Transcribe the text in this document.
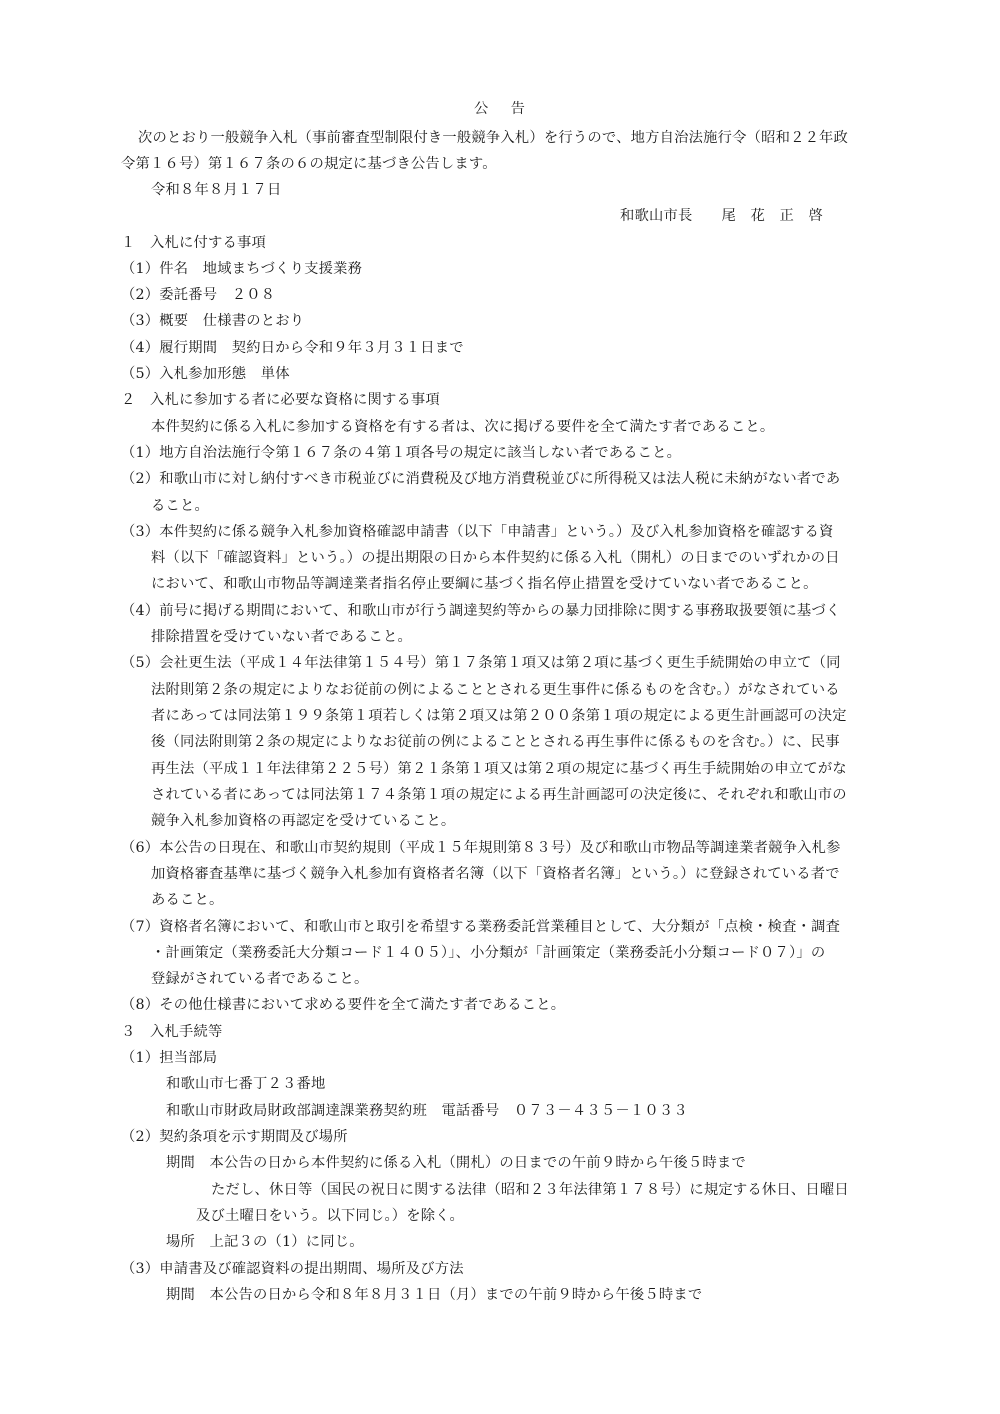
公　告
次のとおり一般競争入札（事前審査型制限付き一般競争入札）を行うので、地方自治法施行令（昭和２２年政
令第１６号）第１６７条の６の規定に基づき公告します。
令和８年８月１７日
和歌山市長　　尾　花　正　啓
１　入札に付する事項
（1）件名　地域まちづくり支援業務
（2）委託番号　２０８
（3）概要　仕様書のとおり
（4）履行期間　契約日から令和９年３月３１日まで
（5）入札参加形態　単体
２　入札に参加する者に必要な資格に関する事項
本件契約に係る入札に参加する資格を有する者は、次に掲げる要件を全て満たす者であること。
（1）地方自治法施行令第１６７条の４第１項各号の規定に該当しない者であること。
（2）和歌山市に対し納付すべき市税並びに消費税及び地方消費税並びに所得税又は法人税に未納がない者であ
ること。
（3）本件契約に係る競争入札参加資格確認申請書（以下「申請書」という。）及び入札参加資格を確認する資
料（以下「確認資料」という。）の提出期限の日から本件契約に係る入札（開札）の日までのいずれかの日
において、和歌山市物品等調達業者指名停止要綱に基づく指名停止措置を受けていない者であること。
（4）前号に掲げる期間において、和歌山市が行う調達契約等からの暴力団排除に関する事務取扱要領に基づく
排除措置を受けていない者であること。
（5）会社更生法（平成１４年法律第１５４号）第１７条第１項又は第２項に基づく更生手続開始の申立て（同
法附則第２条の規定によりなお従前の例によることとされる更生事件に係るものを含む。）がなされている
者にあっては同法第１９９条第１項若しくは第２項又は第２００条第１項の規定による更生計画認可の決定
後（同法附則第２条の規定によりなお従前の例によることとされる再生事件に係るものを含む。）に、民事
再生法（平成１１年法律第２２５号）第２１条第１項又は第２項の規定に基づく再生手続開始の申立てがな
されている者にあっては同法第１７４条第１項の規定による再生計画認可の決定後に、それぞれ和歌山市の
競争入札参加資格の再認定を受けていること。
（6）本公告の日現在、和歌山市契約規則（平成１５年規則第８３号）及び和歌山市物品等調達業者競争入札参
加資格審査基準に基づく競争入札参加有資格者名簿（以下「資格者名簿」という。）に登録されている者で
あること。
（7）資格者名簿において、和歌山市と取引を希望する業務委託営業種目として、大分類が「点検・検査・調査
・計画策定（業務委託大分類コード１４０５）」、小分類が「計画策定（業務委託小分類コード０７）」の
登録がされている者であること。
（8）その他仕様書において求める要件を全て満たす者であること。
３　入札手続等
（1）担当部局
和歌山市七番丁２３番地
和歌山市財政局財政部調達課業務契約班　電話番号　０７３－４３５－１０３３
（2）契約条項を示す期間及び場所
期間　本公告の日から本件契約に係る入札（開札）の日までの午前９時から午後５時まで
ただし、休日等（国民の祝日に関する法律（昭和２３年法律第１７８号）に規定する休日、日曜日
及び土曜日をいう。以下同じ。）を除く。
場所　上記３の（1）に同じ。
（3）申請書及び確認資料の提出期間、場所及び方法
期間　本公告の日から令和８年８月３１日（月）までの午前９時から午後５時まで
